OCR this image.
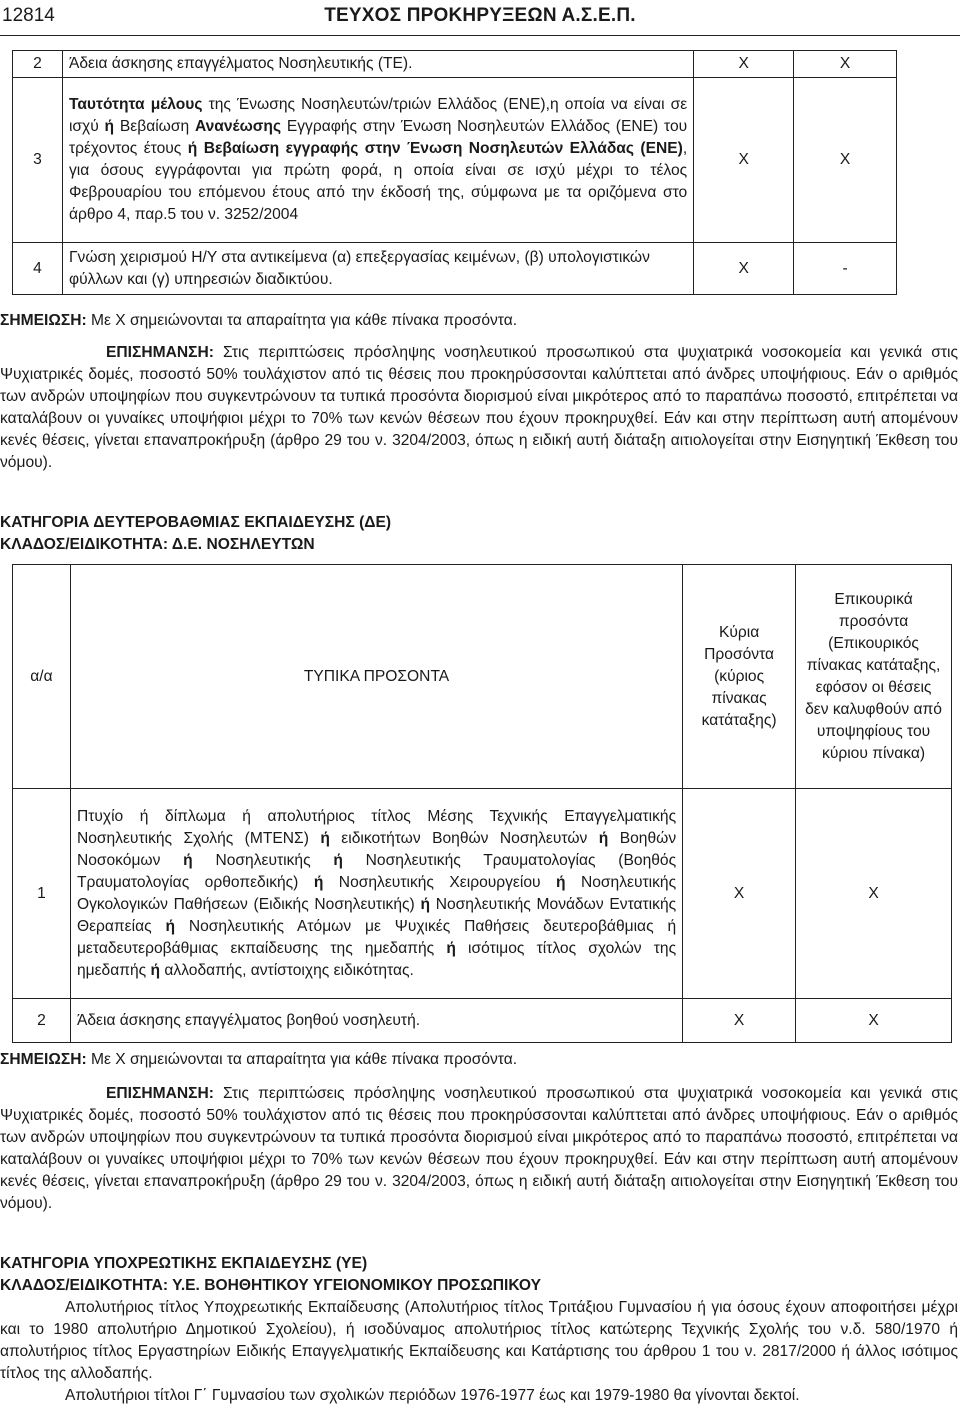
12814	ΤΕΥΧΟΣ ΠΡΟΚΗΡΥΞΕΩΝ Α.Σ.Ε.Π.
2	Άδεια άσκησης επαγγέλματος Νοσηλευτικής (ΤΕ).	Χ	Χ
3	Ταυτότητα μέλους της Ένωσης Νοσηλευτών/τριών Ελλάδος (ΕΝΕ),η οποία να είναι σε ισχύ ή Βεβαίωση Ανανέωσης Εγγραφής στην Ένωση Νοσηλευτών Ελλάδος (ΕΝΕ) του τρέχοντος έτους ή Βεβαίωση εγγραφής στην Ένωση Νοσηλευτών Ελλάδας (ΕΝΕ), για όσους εγγράφονται για πρώτη φορά, η οποία είναι σε ισχύ μέχρι το τέλος Φεβρουαρίου του επόμενου έτους από την έκδοσή της, σύμφωνα με τα οριζόμενα στο άρθρο 4, παρ.5 του ν. 3252/2004	Χ	Χ
4	Γνώση χειρισμού Η/Υ στα αντικείμενα (α) επεξεργασίας κειμένων, (β) υπολογιστικών φύλλων και (γ) υπηρεσιών διαδικτύου.	Χ	-
ΣΗΜΕΙΩΣΗ: Με Χ σημειώνονται τα απαραίτητα για κάθε πίνακα προσόντα.
ΕΠΙΣΗΜΑΝΣΗ: Στις περιπτώσεις πρόσληψης νοσηλευτικού προσωπικού στα ψυχιατρικά νοσοκομεία και γενικά στις Ψυχιατρικές δομές, ποσοστό 50% τουλάχιστον από τις θέσεις που προκηρύσσονται καλύπτεται από άνδρες υποψήφιους. Εάν ο αριθμός των ανδρών υποψηφίων που συγκεντρώνουν τα τυπικά προσόντα διορισμού είναι μικρότερος από το παραπάνω ποσοστό, επιτρέπεται να καταλάβουν οι γυναίκες υποψήφιοι μέχρι το 70% των κενών θέσεων που έχουν προκηρυχθεί. Εάν και στην περίπτωση αυτή απομένουν κενές θέσεις, γίνεται επαναπροκήρυξη (άρθρο 29 του ν. 3204/2003, όπως η ειδική αυτή διάταξη αιτιολογείται στην Εισηγητική Έκθεση του νόμου).
ΚΑΤΗΓΟΡΙΑ ΔΕΥΤΕΡΟΒΑΘΜΙΑΣ ΕΚΠΑΙΔΕΥΣΗΣ (ΔΕ)
ΚΛΑΔΟΣ/ΕΙΔΙΚΟΤΗΤΑ: Δ.Ε. ΝΟΣΗΛΕΥΤΩΝ
α/α	ΤΥΠΙΚΑ ΠΡΟΣΟΝΤΑ	Κύρια Προσόντα (κύριος πίνακας κατάταξης)	Επικουρικά προσόντα (Επικουρικός πίνακας κατάταξης, εφόσον οι θέσεις δεν καλυφθούν από υποψηφίους του κύριου πίνακα)
1	Πτυχίο ή δίπλωμα ή απολυτήριος τίτλος Μέσης Τεχνικής Επαγγελματικής Νοσηλευτικής Σχολής (ΜΤΕΝΣ) ή ειδικοτήτων Βοηθών Νοσηλευτών ή Βοηθών Νοσοκόμων ή Νοσηλευτικής ή Νοσηλευτικής Τραυματολογίας (Βοηθός Τραυματολογίας ορθοπεδικής) ή Νοσηλευτικής Χειρουργείου ή Νοσηλευτικής Ογκολογικών Παθήσεων (Ειδικής Νοσηλευτικής) ή Νοσηλευτικής Μονάδων Εντατικής Θεραπείας ή Νοσηλευτικής Ατόμων με Ψυχικές Παθήσεις δευτεροβάθμιας ή μεταδευτεροβάθμιας εκπαίδευσης της ημεδαπής ή ισότιμος τίτλος σχολών της ημεδαπής ή αλλοδαπής, αντίστοιχης ειδικότητας.	Χ	Χ
2	Άδεια άσκησης επαγγέλματος βοηθού νοσηλευτή.	Χ	Χ
ΣΗΜΕΙΩΣΗ: Με Χ σημειώνονται τα απαραίτητα για κάθε πίνακα προσόντα.
ΕΠΙΣΗΜΑΝΣΗ: Στις περιπτώσεις πρόσληψης νοσηλευτικού προσωπικού στα ψυχιατρικά νοσοκομεία και γενικά στις Ψυχιατρικές δομές, ποσοστό 50% τουλάχιστον από τις θέσεις που προκηρύσσονται καλύπτεται από άνδρες υποψήφιους. Εάν ο αριθμός των ανδρών υποψηφίων που συγκεντρώνουν τα τυπικά προσόντα διορισμού είναι μικρότερος από το παραπάνω ποσοστό, επιτρέπεται να καταλάβουν οι γυναίκες υποψήφιοι μέχρι το 70% των κενών θέσεων που έχουν προκηρυχθεί. Εάν και στην περίπτωση αυτή απομένουν κενές θέσεις, γίνεται επαναπροκήρυξη (άρθρο 29 του ν. 3204/2003, όπως η ειδική αυτή διάταξη αιτιολογείται στην Εισηγητική Έκθεση του νόμου).
ΚΑΤΗΓΟΡΙΑ ΥΠΟΧΡΕΩΤΙΚΗΣ ΕΚΠΑΙΔΕΥΣΗΣ (ΥΕ)
ΚΛΑΔΟΣ/ΕΙΔΙΚΟΤΗΤΑ: Υ.Ε. ΒΟΗΘΗΤΙΚΟΥ ΥΓΕΙΟΝΟΜΙΚΟΥ ΠΡΟΣΩΠΙΚΟΥ
Απολυτήριος τίτλος Υποχρεωτικής Εκπαίδευσης (Απολυτήριος τίτλος Τριτάξιου Γυμνασίου ή για όσους έχουν αποφοιτήσει μέχρι και το 1980 απολυτήριο Δημοτικού Σχολείου), ή ισοδύναμος απολυτήριος τίτλος κατώτερης Τεχνικής Σχολής του ν.δ. 580/1970 ή απολυτήριος τίτλος Εργαστηρίων Ειδικής Επαγγελματικής Εκπαίδευσης και Κατάρτισης του άρθρου 1 του ν. 2817/2000 ή άλλος ισότιμος τίτλος της αλλοδαπής.
Απολυτήριοι τίτλοι Γ΄ Γυμνασίου των σχολικών περιόδων 1976-1977 έως και 1979-1980 θα γίνονται δεκτοί.
